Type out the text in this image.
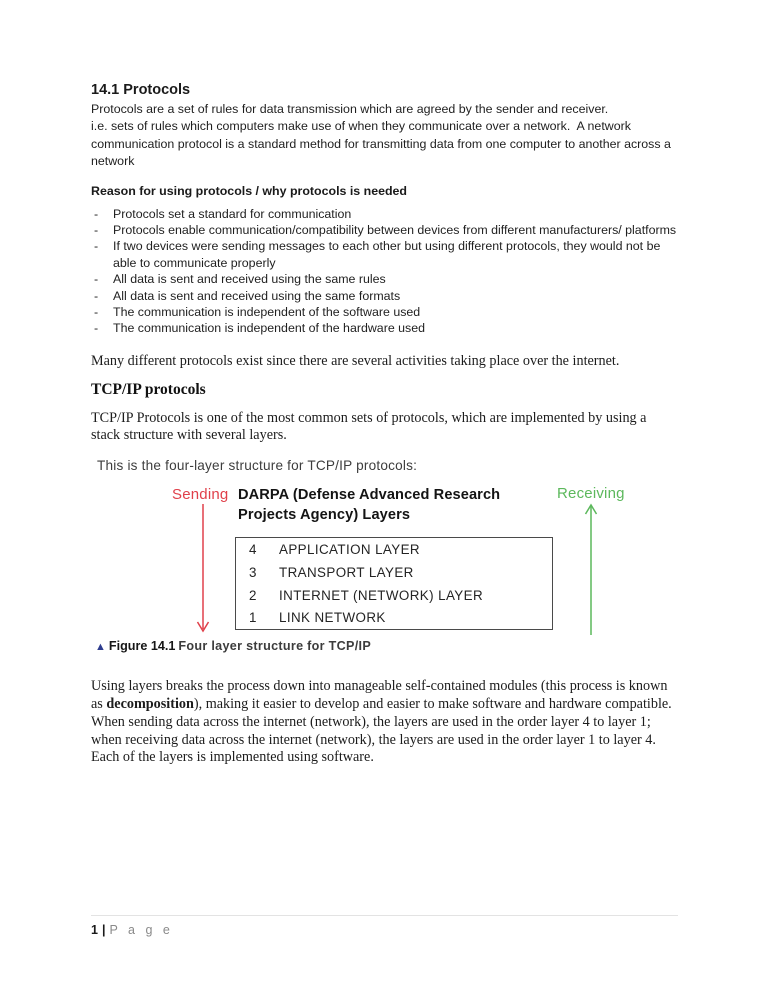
14.1 Protocols

Protocols are a set of rules for data transmission which are agreed by the sender and receiver.
i.e. sets of rules which computers make use of when they communicate over a network.  A network communication protocol is a standard method for transmitting data from one computer to another across a network

Reason for using protocols / why protocols is needed

-	Protocols set a standard for communication
-	Protocols enable communication/compatibility between devices from different manufacturers/ platforms
-	If two devices were sending messages to each other but using different protocols, they would not be able to communicate properly
-	All data is sent and received using the same rules
-	All data is sent and received using the same formats
-	The communication is independent of the software used
-	The communication is independent of the hardware used

Many different protocols exist since there are several activities taking place over the internet.

TCP/IP protocols

TCP/IP Protocols is one of the most common sets of protocols, which are implemented by using a stack structure with several layers.

This is the four-layer structure for TCP/IP protocols:

Sending DARPA (Defense Advanced Research Projects Agency) Layers
Receiving
4	APPLICATION LAYER
3	TRANSPORT LAYER
2	INTERNET (NETWORK) LAYER
1	LINK NETWORK

▲ Figure 14.1 Four layer structure for TCP/IP

Using layers breaks the process down into manageable self-contained modules (this process is known as decomposition), making it easier to develop and easier to make software and hardware compatible.

When sending data across the internet (network), the layers are used in the order layer 4 to layer 1; when receiving data across the internet (network), the layers are used in the order layer 1 to layer 4. Each of the layers is implemented using software.

1 | P a g e
